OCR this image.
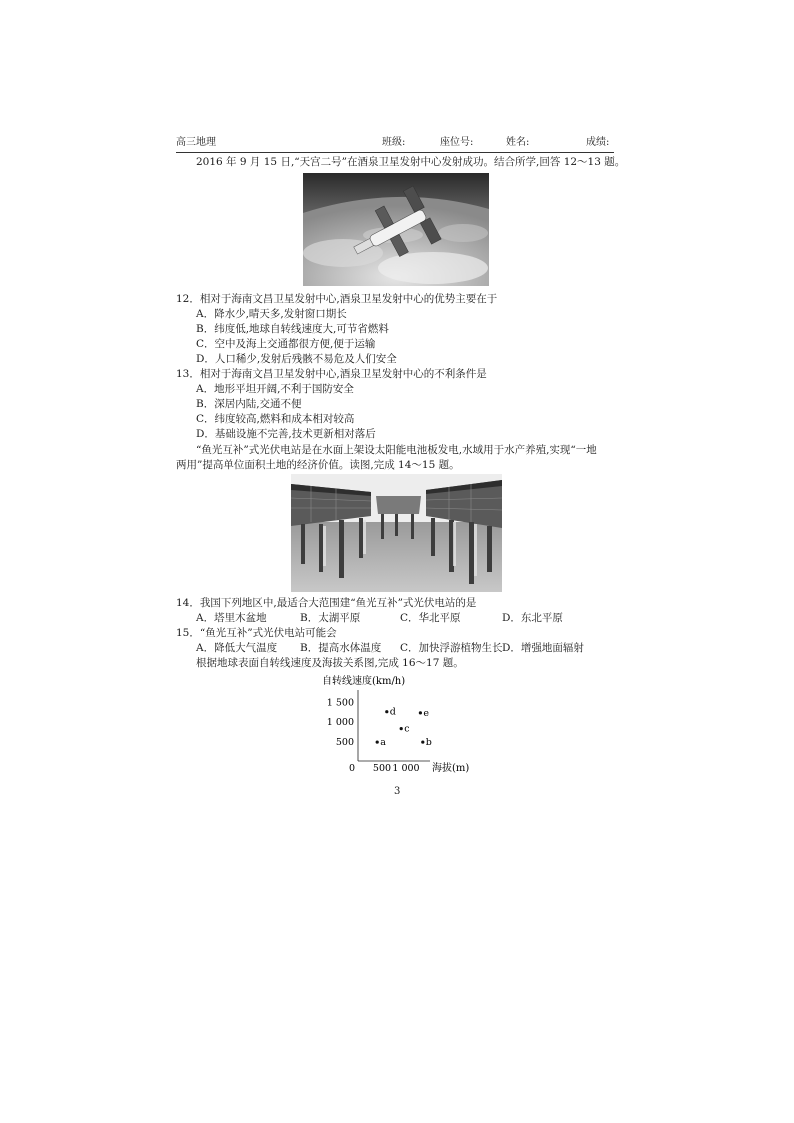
高三地理	班级:	座位号:	姓名:	成绩:
2016 年 9 月 15 日,“天宫二号”在酒泉卫星发射中心发射成功。结合所学,回答 12～13 题。
12．相对于海南文昌卫星发射中心,酒泉卫星发射中心的优势主要在于
A．降水少,晴天多,发射窗口期长
B．纬度低,地球自转线速度大,可节省燃料
C．空中及海上交通都很方便,便于运输
D．人口稀少,发射后残骸不易危及人们安全
13．相对于海南文昌卫星发射中心,酒泉卫星发射中心的不利条件是
A．地形平坦开阔,不利于国防安全
B．深居内陆,交通不便
C．纬度较高,燃料和成本相对较高
D．基础设施不完善,技术更新相对落后
“鱼光互补”式光伏电站是在水面上架设太阳能电池板发电,水域用于水产养殖,实现“一地
两用”提高单位面积土地的经济价值。读图,完成 14～15 题。
14．我国下列地区中,最适合大范围建“鱼光互补”式光伏电站的是
A．塔里木盆地	B．太湖平原	C．华北平原	D．东北平原
15．“鱼光互补”式光伏电站可能会
A．降低大气温度 B．提高水体温度 C．加快浮游植物生长 D．增强地面辐射
根据地球表面自转线速度及海拔关系图,完成 16～17 题。
自转线速度(km/h)
0	海拔(m)
500
1 000
1 500
500 1 000
a	b
c
d	e
3
